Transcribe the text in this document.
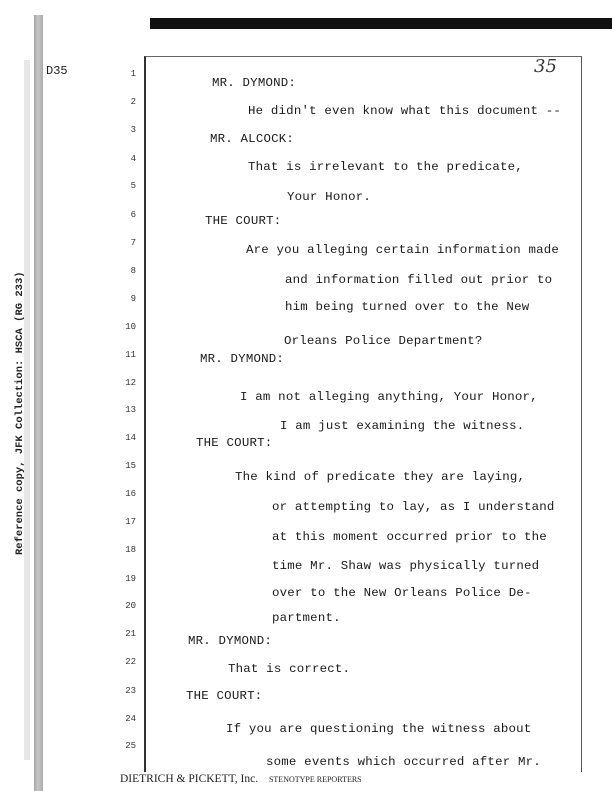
Reference copy, JFK Collection: HSCA (RG 233)
D35	35
1
2
3
4
5
6
7
8
9
10
11
12
13
14
15
16
17
18
19
20
21
22
23
24
25
MR. DYMOND:
He didn't even know what this document --
MR. ALCOCK:
That is irrelevant to the predicate,
Your Honor.
THE COURT:
Are you alleging certain information made
and information filled out prior to
him being turned over to the New
Orleans Police Department?
MR. DYMOND:
I am not alleging anything, Your Honor,
I am just examining the witness.
THE COURT:
The kind of predicate they are laying,
or attempting to lay, as I understand
at this moment occurred prior to the
time Mr. Shaw was physically turned
over to the New Orleans Police De-
partment.
MR. DYMOND:
That is correct.
THE COURT:
If you are questioning the witness about
some events which occurred after Mr.
DIETRICH & PICKETT, Inc. STENOTYPE REPORTERS
